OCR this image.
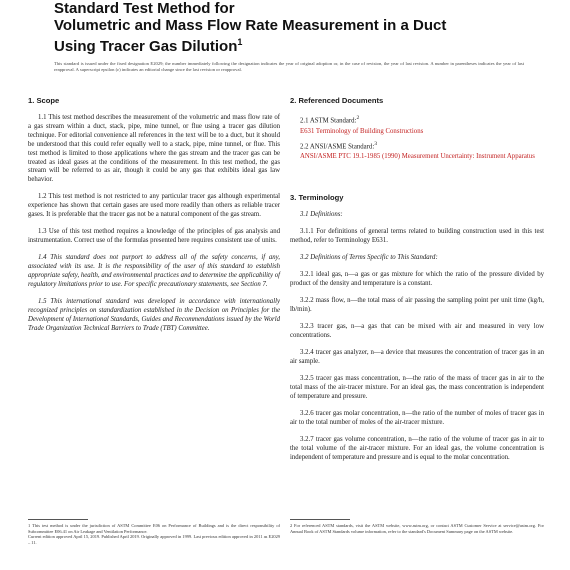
Standard Test Method for
Volumetric and Mass Flow Rate Measurement in a Duct
Using Tracer Gas Dilution$^1$
This standard is issued under the fixed designation E2029; the number immediately following the designation indicates the year of original adoption or, in the case of revision, the year of last revision. A number in parentheses indicates the year of last reapproval. A superscript epsilon (ε) indicates an editorial change since the last revision or reapproval.
1. Scope

1.1 This test method describes the measurement of the volumetric and mass flow rate of a gas stream within a duct, stack, pipe, mine tunnel, or flue using a tracer gas dilution technique. For editorial convenience all references in the text will be to a duct, but it should be understood that this could refer equally well to a stack, pipe, mine tunnel, or flue. This test method is limited to those applications where the gas stream and the tracer gas can be treated as ideal gases at the conditions of the measurement. In this test method, the gas stream will be referred to as air, though it could be any gas that exhibits ideal gas law behavior.

1.2 This test method is not restricted to any particular tracer gas although experimental experience has shown that certain gases are used more readily than others as reliable tracer gases. It is preferable that the tracer gas not be a natural component of the gas stream.

1.3 Use of this test method requires a knowledge of the principles of gas analysis and instrumentation. Correct use of the formulas presented here requires consistent use of units.

1.4 This standard does not purport to address all of the safety concerns, if any, associated with its use. It is the responsibility of the user of this standard to establish appropriate safety, health, and environmental practices and to determine the applicability of regulatory limitations prior to use. For specific precautionary statements, see Section 7.

1.5 This international standard was developed in accordance with internationally recognized principles on standardization established in the Decision on Principles for the Development of International Standards, Guides and Recommendations issued by the World Trade Organization Technical Barriers to Trade (TBT) Committee.

2. Referenced Documents
2.1 ASTM Standard:$^2$
E631 Terminology of Building Constructions
2.2 ANSI/ASME Standard:$^3$
ANSI/ASME PTC 19.1-1985 (1990) Measurement Uncertainty: Instrument Apparatus
3. Terminology

3.1 Definitions:

3.1.1 For definitions of general terms related to building construction used in this test method, refer to Terminology E631.

3.2 Definitions of Terms Specific to This Standard:

3.2.1 ideal gas, n—a gas or gas mixture for which the ratio of the pressure divided by product of the density and temperature is a constant.

3.2.2 mass flow, n—the total mass of air passing the sampling point per unit time (kg/h, lb/min).

3.2.3 tracer gas, n—a gas that can be mixed with air and measured in very low concentrations.

3.2.4 tracer gas analyzer, n—a device that measures the concentration of tracer gas in an air sample.

3.2.5 tracer gas mass concentration, n—the ratio of the mass of tracer gas in air to the total mass of the air-tracer mixture. For an ideal gas, the mass concentration is independent of temperature and pressure.

3.2.6 tracer gas molar concentration, n—the ratio of the number of moles of tracer gas in air to the total number of moles of the air-tracer mixture.

3.2.7 tracer gas volume concentration, n—the ratio of the volume of tracer gas in air to the total volume of the air-tracer mixture. For an ideal gas, the volume concentration is independent of temperature and pressure and is equal to the molar concentration.

1 This test method is under the jurisdiction of ASTM Committee E06 on Performance of Buildings and is the direct responsibility of Subcommittee E06.41 on Air Leakage and Ventilation Performance.
Current edition approved April 15, 2019. Published April 2019. Originally approved in 1999. Last previous edition approved in 2011 as E2029 – 11.
2 For referenced ASTM standards, visit the ASTM website, www.astm.org, or contact ASTM Customer Service at service@astm.org. For Annual Book of ASTM Standards volume information, refer to the standard's Document Summary page on the ASTM website.
